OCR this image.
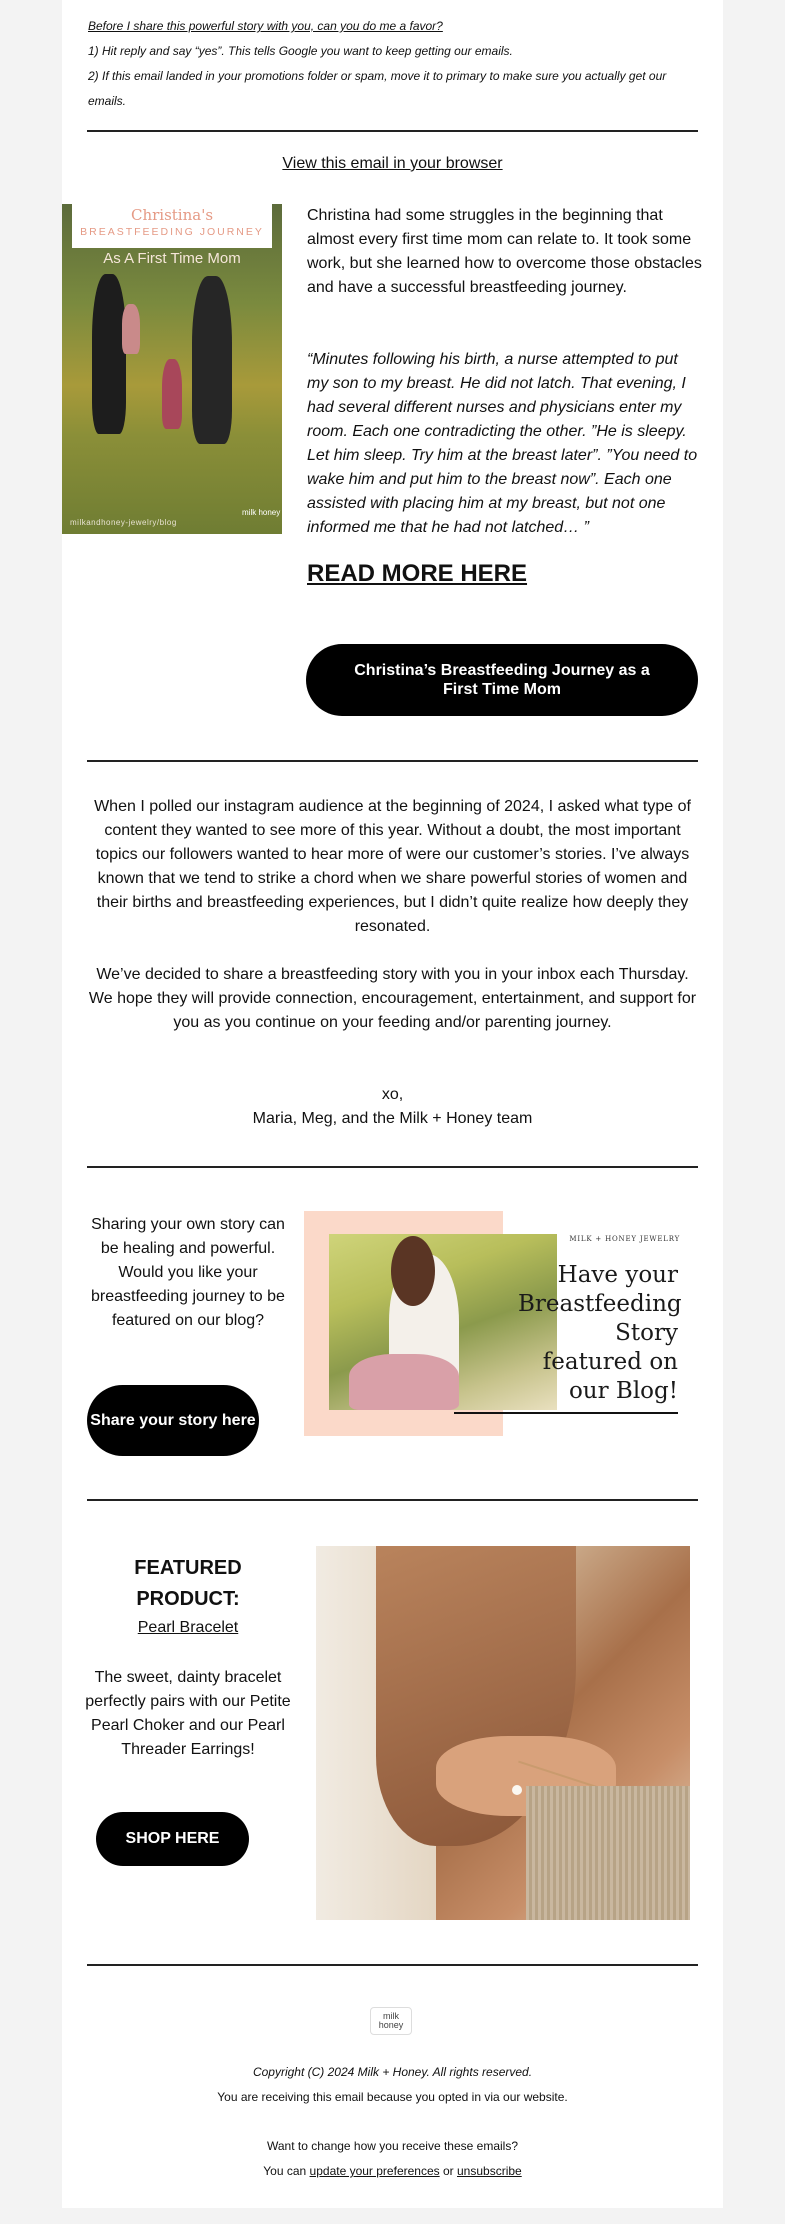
Before I share this powerful story with you, can you do me a favor?
1) Hit reply and say “yes”. This tells Google you want to keep getting our emails.
2) If this email landed in your promotions folder or spam, move it to primary to make sure you actually get our emails.
View this email in your browser
Christina's
BREASTFEEDING JOURNEY
As A First Time Mom
milkandhoney-jewelry/blog
milk honey
Christina had some struggles in the beginning that almost every first time mom can relate to. It took some work, but she learned how to overcome those obstacles and have a successful breastfeeding journey.
“Minutes following his birth, a nurse attempted to put my son to my breast. He did not latch. That evening, I had several different nurses and physicians enter my room. Each one contradicting the other. ”He is sleepy. Let him sleep. Try him at the breast later”. ”You need to wake him and put him to the breast now”. Each one assisted with placing him at my breast, but not one informed me that he had not latched… ”
READ MORE HERE
Christina’s Breastfeeding Journey as a First Time Mom
When I polled our instagram audience at the beginning of 2024, I asked what type of content they wanted to see more of this year. Without a doubt, the most important topics our followers wanted to hear more of were our customer’s stories. I’ve always known that we tend to strike a chord when we share powerful stories of women and their births and breastfeeding experiences, but I didn’t quite realize how deeply they resonated.
We’ve decided to share a breastfeeding story with you in your inbox each Thursday. We hope they will provide connection, encouragement, entertainment, and support for you as you continue on your feeding and/or parenting journey.
xo,
Maria, Meg, and the Milk + Honey team
Sharing your own story can be healing and powerful. Would you like your breastfeeding journey to be featured on our blog?
Share your story here
MILK + HONEY JEWELRY
Have your Breastfeeding Story featured on our Blog!
FEATURED PRODUCT:
Pearl Bracelet
The sweet, dainty bracelet perfectly pairs with our Petite Pearl Choker and our Pearl Threader Earrings!
SHOP HERE
milk honey
Copyright (C) 2024 Milk + Honey. All rights reserved.
You are receiving this email because you opted in via our website.
Want to change how you receive these emails?
You can update your preferences or unsubscribe
